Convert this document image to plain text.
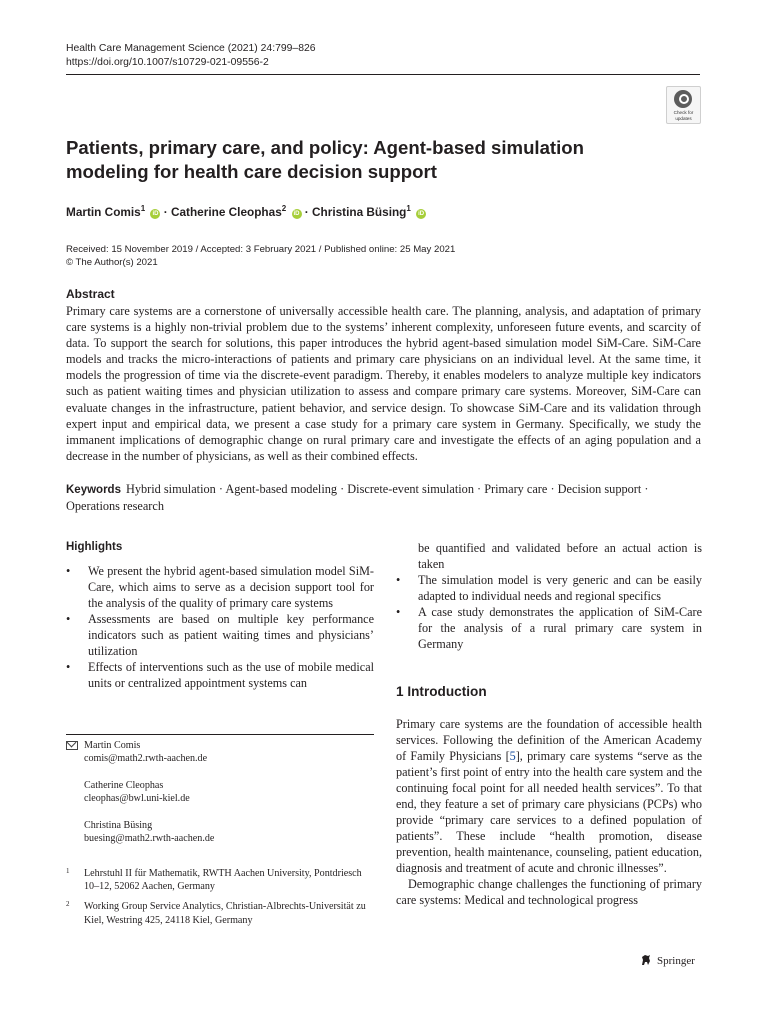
Health Care Management Science (2021) 24:799–826
https://doi.org/10.1007/s10729-021-09556-2
Check for
updates
Patients, primary care, and policy: Agent-based simulation modeling for health care decision support
Martin Comis$^1$ iD · Catherine Cleophas$^2$ iD · Christina Büsing$^1$ iD
Received: 15 November 2019 / Accepted: 3 February 2021 / Published online: 25 May 2021
© The Author(s) 2021
Abstract
Primary care systems are a cornerstone of universally accessible health care. The planning, analysis, and adaptation of primary care systems is a highly non-trivial problem due to the systems’ inherent complexity, unforeseen future events, and scarcity of data. To support the search for solutions, this paper introduces the hybrid agent-based simulation model SiM-Care. SiM-Care models and tracks the micro-interactions of patients and primary care physicians on an individual level. At the same time, it models the progression of time via the discrete-event paradigm. Thereby, it enables modelers to analyze multiple key indicators such as patient waiting times and physician utilization to assess and compare primary care systems. Moreover, SiM-Care can evaluate changes in the infrastructure, patient behavior, and service design. To showcase SiM-Care and its validation through expert input and empirical data, we present a case study for a primary care system in Germany. Specifically, we study the immanent implications of demographic change on rural primary care and investigate the effects of an aging population and a decrease in the number of physicians, as well as their combined effects.
Keywords Hybrid simulation · Agent-based modeling · Discrete-event simulation · Primary care · Decision support · Operations research
Highlights
• We present the hybrid agent-based simulation model SiM-Care, which aims to serve as a decision support tool for the analysis of the quality of primary care systems
• Assessments are based on multiple key performance indicators such as patient waiting times and physicians’ utilization
• Effects of interventions such as the use of mobile medical units or centralized appointment systems can
be quantified and validated before an actual action is taken
• The simulation model is very generic and can be easily adapted to individual needs and regional specifics
• A case study demonstrates the application of SiM-Care for the analysis of a rural primary care system in Germany
1 Introduction

Primary care systems are the foundation of accessible health services. Following the definition of the American Academy of Family Physicians [5], primary care systems “serve as the patient’s first point of entry into the health care system and the continuing focal point for all needed health services”. To that end, they feature a set of primary care physicians (PCPs) who provide “primary care services to a defined population of patients”. These include “health promotion, disease prevention, health maintenance, counseling, patient education, diagnosis and treatment of acute and chronic illnesses”.

Demographic change challenges the functioning of primary care systems: Medical and technological progress

Martin Comis
comis@math2.rwth-aachen.de
Catherine Cleophas
cleophas@bwl.uni-kiel.de
Christina Büsing
buesing@math2.rwth-aachen.de
1 Lehrstuhl II für Mathematik, RWTH Aachen University, Pontdriesch 10–12, 52062 Aachen, Germany
2 Working Group Service Analytics, Christian-Albrechts-Universität zu Kiel, Westring 425, 24118 Kiel, Germany
Springer
